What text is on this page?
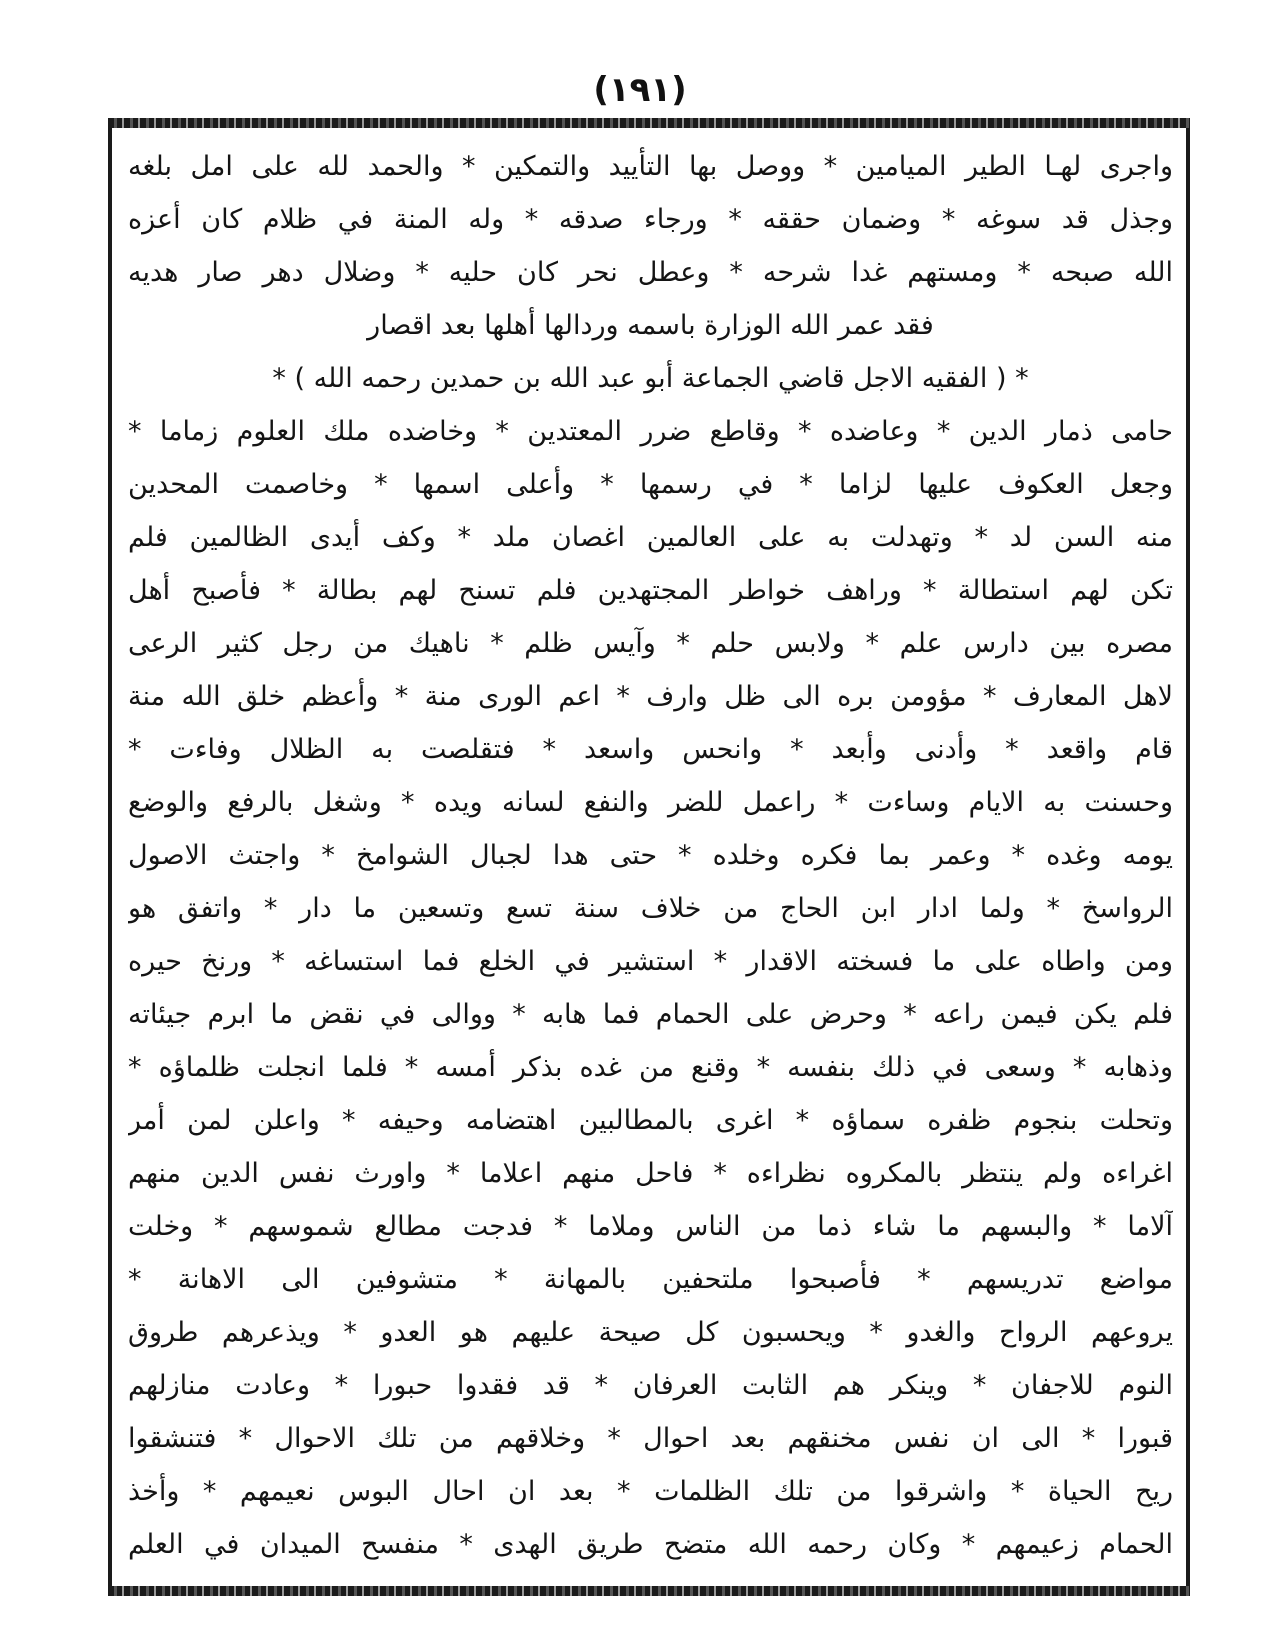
(١٩١)
واجرى لهـا الطير الميامين * ووصل بها التأييد والتمكين * والحمد لله على امل بلغه
وجذل قد سوغه * وضمان حققه * ورجاء صدقه * وله المنة في ظلام كان أعزه
الله صبحه * ومستهم غدا شرحه * وعطل نحر كان حليه * وضلال دهر صار هديه
فقد عمر الله الوزارة باسمه وردالها أهلها بعد اقصار
* ( الفقيه الاجل قاضي الجماعة أبو عبد الله بن حمدين رحمه الله ) *
حامى ذمار الدين * وعاضده * وقاطع ضرر المعتدين * وخاضده ملك العلوم زماما *
وجعل العكوف عليها لزاما * في رسمها * وأعلى اسمها * وخاصمت المحدين
منه السن لد * وتهدلت به على العالمين اغصان ملد * وكف أيدى الظالمين فلم
تكن لهم استطالة * وراهف خواطر المجتهدين فلم تسنح لهم بطالة * فأصبح أهل
مصره بين دارس علم * ولابس حلم * وآيس ظلم * ناهيك من رجل كثير الرعى
لاهل المعارف * مؤومن بره الى ظل وارف * اعم الورى منة * وأعظم خلق الله منة
قام واقعد * وأدنى وأبعد * وانحس واسعد * فتقلصت به الظلال وفاءت *
وحسنت به الايام وساءت * راعمل للضر والنفع لسانه ويده * وشغل بالرفع والوضع
يومه وغده * وعمر بما فكره وخلده * حتى هدا لجبال الشوامخ * واجتث الاصول
الرواسخ * ولما ادار ابن الحاج من خلاف سنة تسع وتسعين ما دار * واتفق هو
ومن واطاه على ما فسخته الاقدار * استشير في الخلع فما استساغه * ورنخ حيره
فلم يكن فيمن راعه * وحرض على الحمام فما هابه * ووالى في نقض ما ابرم جيئاته
وذهابه * وسعى في ذلك بنفسه * وقنع من غده بذكر أمسه * فلما انجلت ظلماؤه *
وتحلت بنجوم ظفره سماؤه * اغرى بالمطالبين اهتضامه وحيفه * واعلن لمن أمر
اغراءه ولم ينتظر بالمكروه نظراءه * فاحل منهم اعلاما * واورث نفس الدين منهم
آلاما * والبسهم ما شاء ذما من الناس وملاما * فدجت مطالع شموسهم * وخلت
مواضع تدريسهم * فأصبحوا ملتحفين بالمهانة * متشوفين الى الاهانة *
يروعهم الرواح والغدو * ويحسبون كل صيحة عليهم هو العدو * ويذعرهم طروق
النوم للاجفان * وينكر هم الثابت العرفان * قد فقدوا حبورا * وعادت منازلهم
قبورا * الى ان نفس مخنقهم بعد احوال * وخلاقهم من تلك الاحوال * فتنشقوا
ريح الحياة * واشرقوا من تلك الظلمات * بعد ان احال البوس نعيمهم * وأخذ
الحمام زعيمهم * وكان رحمه الله متضح طريق الهدى * منفسح الميدان في العلم
